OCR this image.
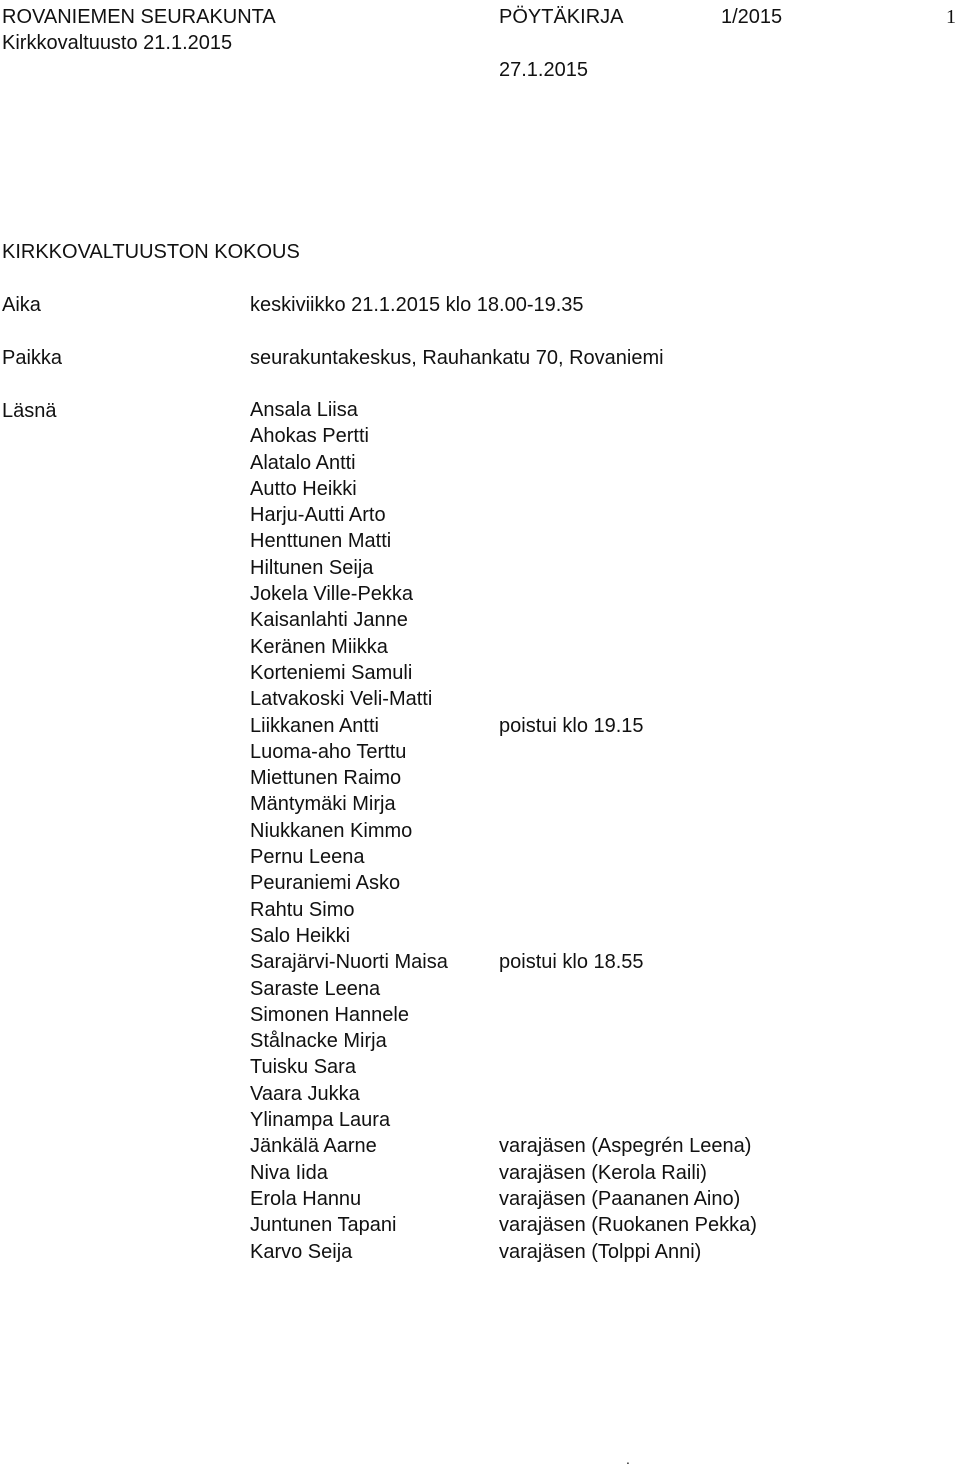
ROVANIEMEN SEURAKUNTA
Kirkkovaltuusto 21.1.2015
PÖYTÄKIRJA	1/2015	1
27.1.2015
KIRKKOVALTUUSTON KOKOUS
Aika	keskiviikko 21.1.2015 klo 18.00-19.35
Paikka	seurakuntakeskus, Rauhankatu 70, Rovaniemi
Läsnä	Ansala Liisa
Ahokas Pertti
Alatalo Antti
Autto Heikki
Harju-Autti Arto
Henttunen Matti
Hiltunen Seija
Jokela Ville-Pekka
Kaisanlahti Janne
Keränen Miikka
Korteniemi Samuli
Latvakoski Veli-Matti
Liikkanen Antti	poistui klo 19.15
Luoma-aho Terttu
Miettunen Raimo
Mäntymäki Mirja
Niukkanen Kimmo
Pernu Leena
Peuraniemi Asko
Rahtu Simo
Salo Heikki
Sarajärvi-Nuorti Maisa	poistui klo 18.55
Saraste Leena
Simonen Hannele
Stålnacke Mirja
Tuisku Sara
Vaara Jukka
Ylinampa Laura
Jänkälä Aarne	varajäsen (Aspegrén Leena)
Niva Iida	varajäsen (Kerola Raili)
Erola Hannu	varajäsen (Paananen Aino)
Juntunen Tapani	varajäsen (Ruokanen Pekka)
Karvo Seija	varajäsen (Tolppi Anni)
.
